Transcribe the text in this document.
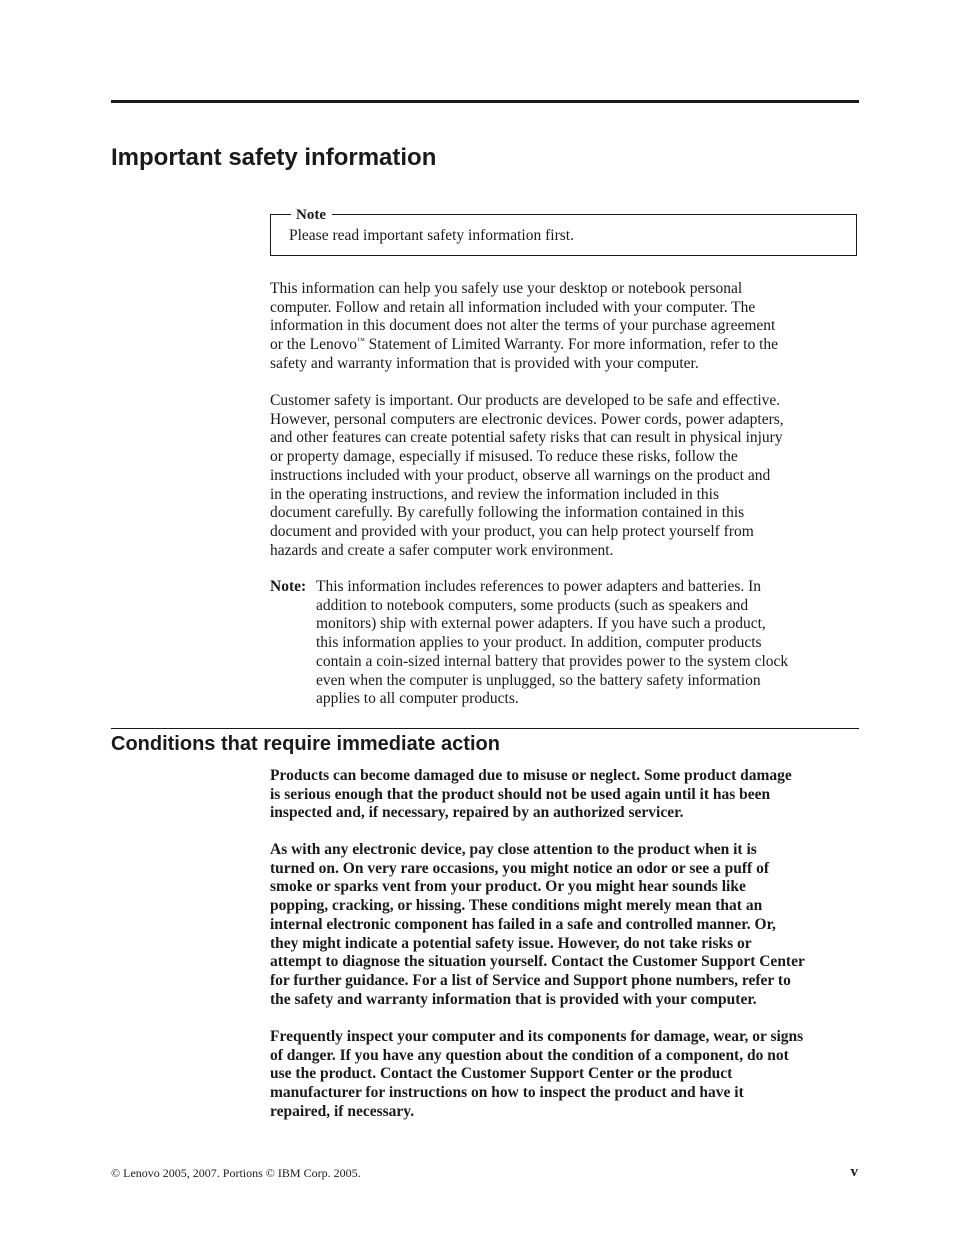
Important safety information
Note
Please read important safety information first.

This information can help you safely use your desktop or notebook personal
computer. Follow and retain all information included with your computer. The
information in this document does not alter the terms of your purchase agreement
or the Lenovo™ Statement of Limited Warranty. For more information, refer to the
safety and warranty information that is provided with your computer.

Customer safety is important. Our products are developed to be safe and effective.
However, personal computers are electronic devices. Power cords, power adapters,
and other features can create potential safety risks that can result in physical injury
or property damage, especially if misused. To reduce these risks, follow the
instructions included with your product, observe all warnings on the product and
in the operating instructions, and review the information included in this
document carefully. By carefully following the information contained in this
document and provided with your product, you can help protect yourself from
hazards and create a safer computer work environment.

Note: This information includes references to power adapters and batteries. In
addition to notebook computers, some products (such as speakers and
monitors) ship with external power adapters. If you have such a product,
this information applies to your product. In addition, computer products
contain a coin-sized internal battery that provides power to the system clock
even when the computer is unplugged, so the battery safety information
applies to all computer products.
Conditions that require immediate action

Products can become damaged due to misuse or neglect. Some product damage
is serious enough that the product should not be used again until it has been
inspected and, if necessary, repaired by an authorized servicer.

As with any electronic device, pay close attention to the product when it is
turned on. On very rare occasions, you might notice an odor or see a puff of
smoke or sparks vent from your product. Or you might hear sounds like
popping, cracking, or hissing. These conditions might merely mean that an
internal electronic component has failed in a safe and controlled manner. Or,
they might indicate a potential safety issue. However, do not take risks or
attempt to diagnose the situation yourself. Contact the Customer Support Center
for further guidance. For a list of Service and Support phone numbers, refer to
the safety and warranty information that is provided with your computer.

Frequently inspect your computer and its components for damage, wear, or signs
of danger. If you have any question about the condition of a component, do not
use the product. Contact the Customer Support Center or the product
manufacturer for instructions on how to inspect the product and have it
repaired, if necessary.

© Lenovo 2005, 2007. Portions © IBM Corp. 2005.	v
